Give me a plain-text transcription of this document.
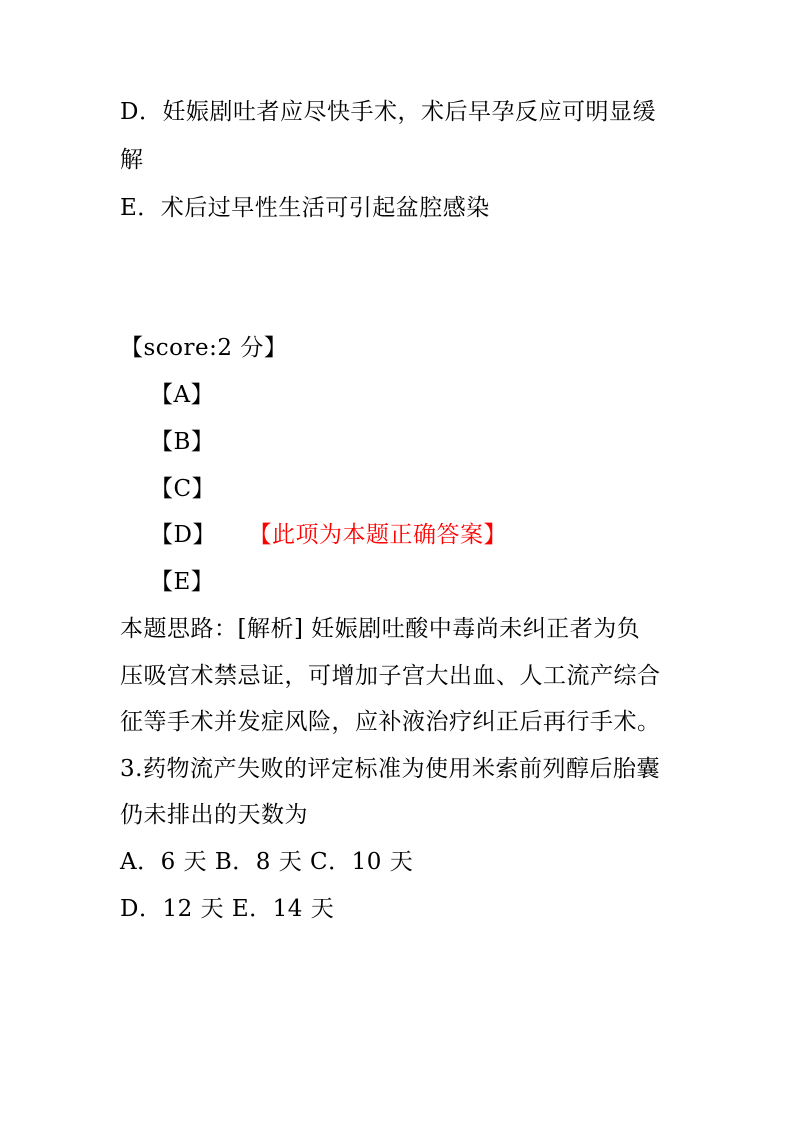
D．妊娠剧吐者应尽快手术，术后早孕反应可明显缓
解
E．术后过早性生活可引起盆腔感染
【score:2 分】
【A】
【B】
【C】
【D】 【此项为本题正确答案】
【E】
本题思路：[解析] 妊娠剧吐酸中毒尚未纠正者为负
压吸宫术禁忌证，可增加子宫大出血、人工流产综合
征等手术并发症风险，应补液治疗纠正后再行手术。
3.药物流产失败的评定标准为使用米索前列醇后胎囊
仍未排出的天数为
A．6 天 B．8 天 C．10 天
D．12 天 E．14 天
